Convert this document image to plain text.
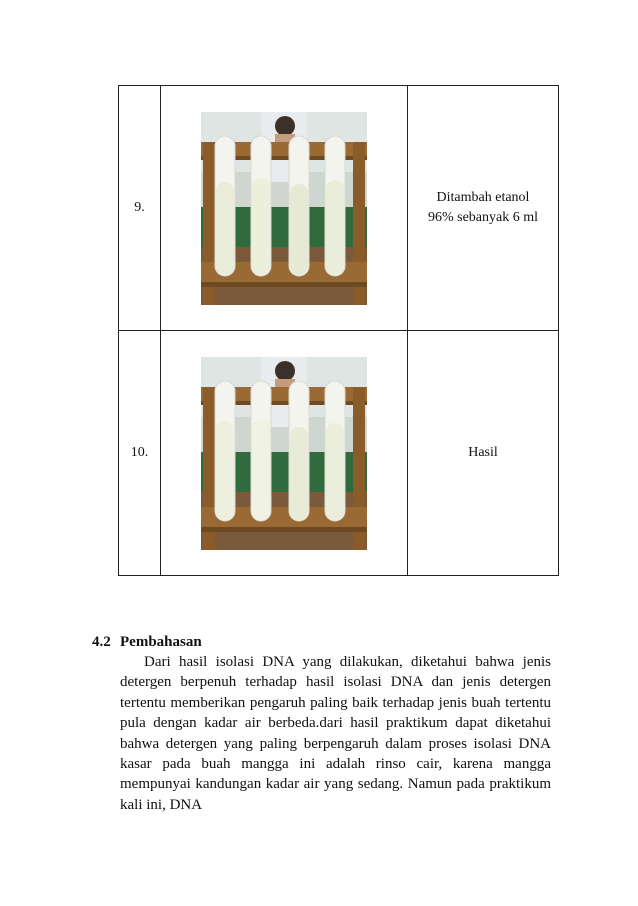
9.		Ditambah etanol
96% sebanyak 6 ml

10.		Hasil
4.2 Pembahasan
Dari hasil isolasi DNA yang dilakukan, diketahui bahwa jenis detergen berpenuh terhadap hasil isolasi DNA dan jenis detergen tertentu memberikan pengaruh paling baik terhadap jenis buah tertentu pula dengan kadar air berbeda.dari hasil praktikum dapat diketahui bahwa detergen yang paling berpengaruh dalam proses isolasi DNA kasar pada buah mangga ini adalah rinso cair, karena mangga mempunyai kandungan kadar air yang sedang. Namun pada praktikum kali ini, DNA
